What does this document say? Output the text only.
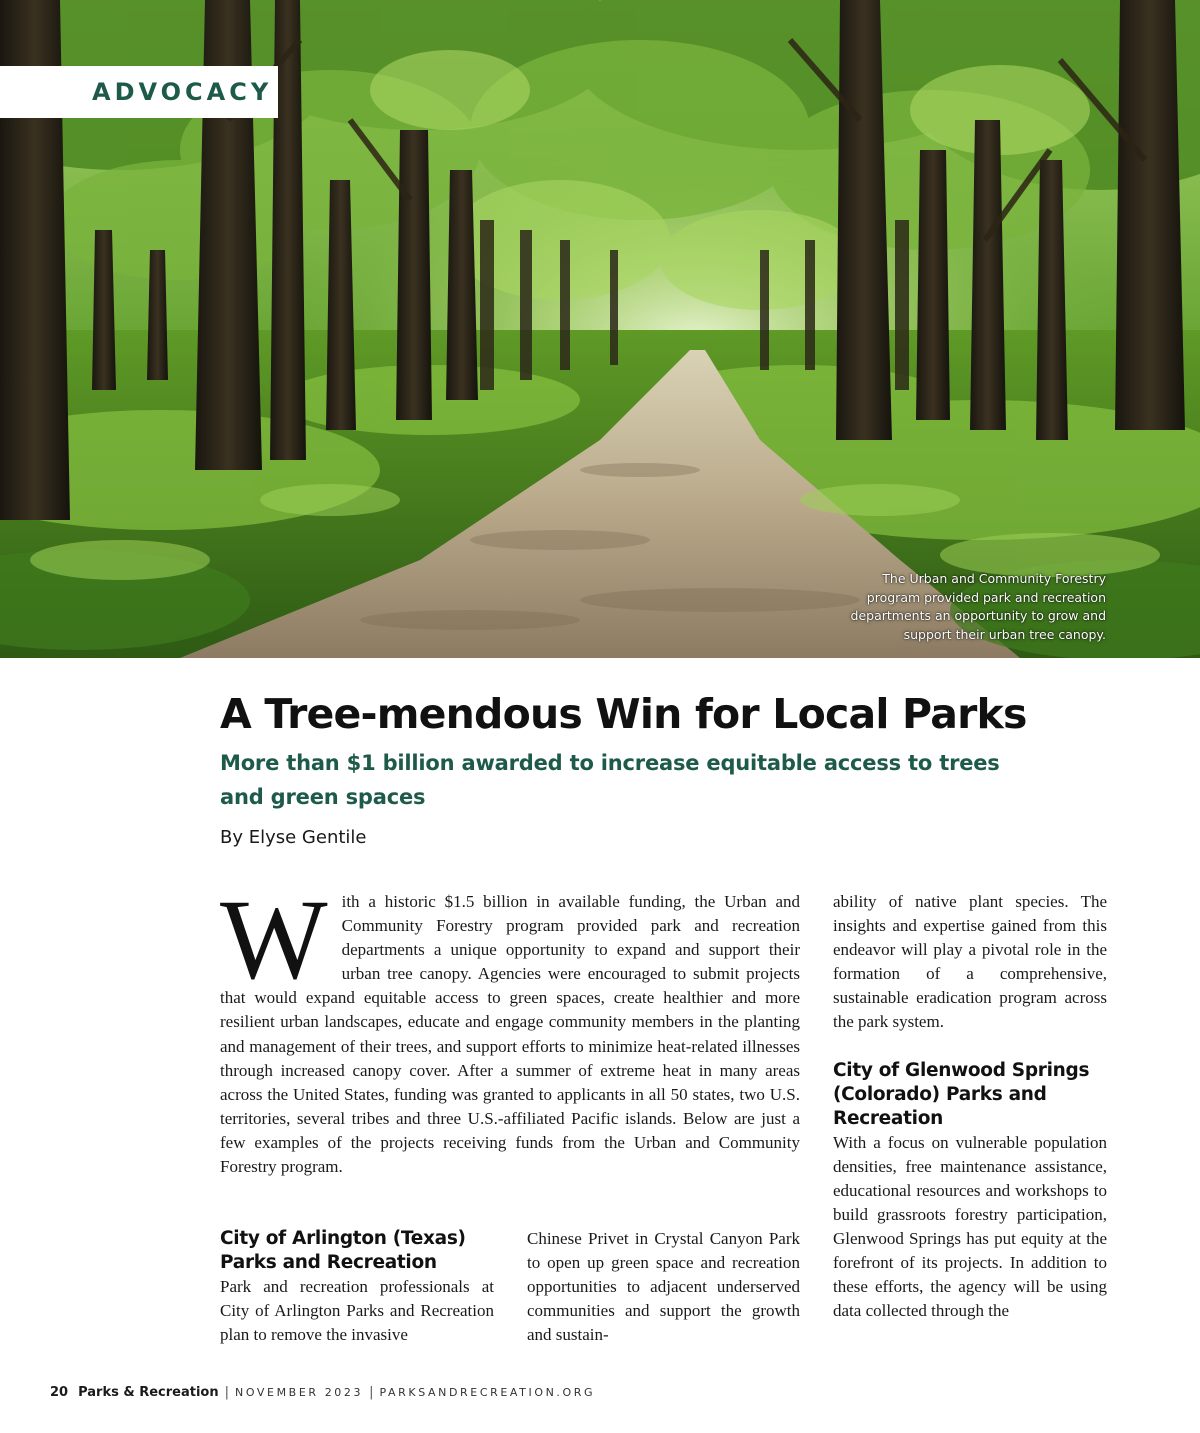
ADVOCACY
The Urban and Community Forestry program provided park and recreation departments an opportunity to grow and support their urban tree canopy.
A Tree-mendous Win for Local Parks
More than $1 billion awarded to increase equitable access to trees and green spaces
By Elyse Gentile

With a historic $1.5 billion in available funding, the Urban and Community Forestry program provided park and recreation departments a unique opportunity to expand and support their urban tree canopy. Agencies were encouraged to submit projects that would expand equitable access to green spaces, create healthier and more resilient urban landscapes, educate and engage community members in the planting and management of their trees, and support efforts to minimize heat-related illnesses through increased canopy cover. After a summer of extreme heat in many areas across the United States, funding was granted to applicants in all 50 states, two U.S. territories, several tribes and three U.S.-affiliated Pacific islands. Below are just a few examples of the projects receiving funds from the Urban and Community Forestry program.

City of Arlington (Texas) Parks and Recreation

Park and recreation professionals at City of Arlington Parks and Recreation plan to remove the invasive

Chinese Privet in Crystal Canyon Park to open up green space and recreation opportunities to adjacent underserved communities and support the growth and sustain-

ability of native plant species. The insights and expertise gained from this endeavor will play a pivotal role in the formation of a comprehensive, sustainable eradication program across the park system.

City of Glenwood Springs (Colorado) Parks and Recreation

With a focus on vulnerable population densities, free maintenance assistance, educational resources and workshops to build grassroots forestry participation, Glenwood Springs has put equity at the forefront of its projects. In addition to these efforts, the agency will be using data collected through the

20 Parks & Recreation | NOVEMBER 2023 | PARKSANDRECREATION.ORG
